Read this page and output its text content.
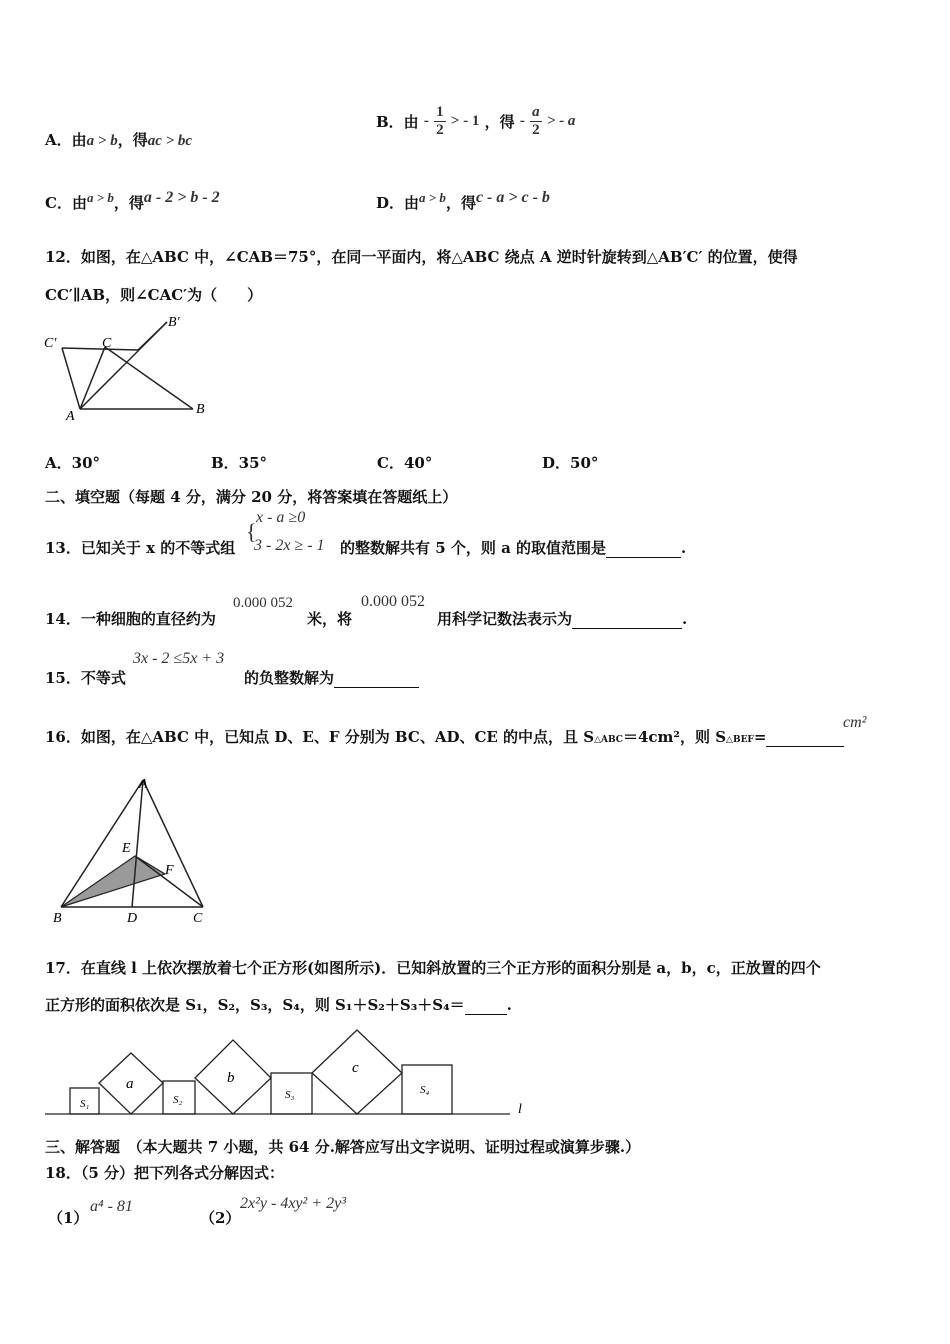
A．由a > b，得ac > bc
B．由 - $\frac{1}{2}$ > - 1 ，得 - $\frac{a}{2}$ > - a
C．由a > b，得a - 2 > b - 2	D．由a > b，得c - a > c - b
12．如图，在△ABC 中，∠CAB＝75°，在同一平面内，将△ABC 绕点 A 逆时针旋转到△AB′C′ 的位置，使得
CC′∥AB，则∠CAC′为（　　）
C′	C
B′
A	B
A．30°	B．35°	C．40°	D．50°
二、填空题（每题 4 分，满分 20 分，将答案填在答题纸上）
13．已知关于 x 的不等式组
{
x - a ≥0
3 - 2x ≥ - 1 的整数解共有 5 个，则 a 的取值范围是	.
14．一种细胞的直径约为
0.000 052
米，将
0.000 052
用科学记数法表示为	.
15．不等式
3x - 2 ≤5x + 3
的负整数解为
16．如图，在△ABC 中，已知点 D、E、F 分别为 BC、AD、CE 的中点，且 S△ABC＝4cm²，则 S△BEF=
cm²
A
E
F
B	D	C
17．在直线 l 上依次摆放着七个正方形(如图所示)．已知斜放置的三个正方形的面积分别是 a，b，c，正放置的四个
正方形的面积依次是 S₁，S₂，S₃，S₄，则 S₁＋S₂＋S₃＋S₄＝	.
S₁
a
S₂
b
S₃
c
S₄
l
三、解答题　（本大题共 7 小题，共 64 分.解答应写出文字说明、证明过程或演算步骤.）
18．（5 分）把下列各式分解因式：
（1）
a⁴ - 81
（2）
2x²y - 4xy² + 2y³
